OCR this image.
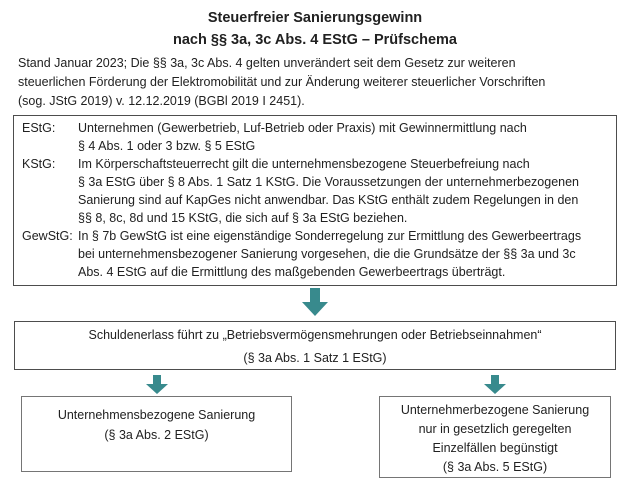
Steuerfreier Sanierungsgewinn
nach §§ 3a, 3c Abs. 4 EStG – Prüfschema
Stand Januar 2023; Die §§ 3a, 3c Abs. 4 gelten unverändert seit dem Gesetz zur weiteren
steuerlichen Förderung der Elektromobilität und zur Änderung weiterer steuerlicher Vorschriften
(sog. JStG 2019) v. 12.12.2019 (BGBl 2019 I 2451).
EStG:	Unternehmen (Gewerbetrieb, Luf-Betrieb oder Praxis) mit Gewinnermittlung nach
§ 4 Abs. 1 oder 3 bzw. § 5 EStG
KStG:	Im Körperschaftsteuerrecht gilt die unternehmensbezogene Steuerbefreiung nach
§ 3a EStG über § 8 Abs. 1 Satz 1 KStG. Die Voraussetzungen der unternehmerbezogenen
Sanierung sind auf KapGes nicht anwendbar. Das KStG enthält zudem Regelungen in den
§§ 8, 8c, 8d und 15 KStG, die sich auf § 3a EStG beziehen.
GewStG: In § 7b GewStG ist eine eigenständige Sonderregelung zur Ermittlung des Gewerbeertrags
bei unternehmensbezogener Sanierung vorgesehen, die die Grundsätze der §§ 3a und 3c
Abs. 4 EStG auf die Ermittlung des maßgebenden Gewerbeertrags überträgt.
Schuldenerlass führt zu „Betriebsvermögensmehrungen oder Betriebseinnahmen“
(§ 3a Abs. 1 Satz 1 EStG)
Unternehmensbezogene Sanierung
(§ 3a Abs. 2 EStG)
Unternehmerbezogene Sanierung
nur in gesetzlich geregelten
Einzelfällen begünstigt
(§ 3a Abs. 5 EStG)
